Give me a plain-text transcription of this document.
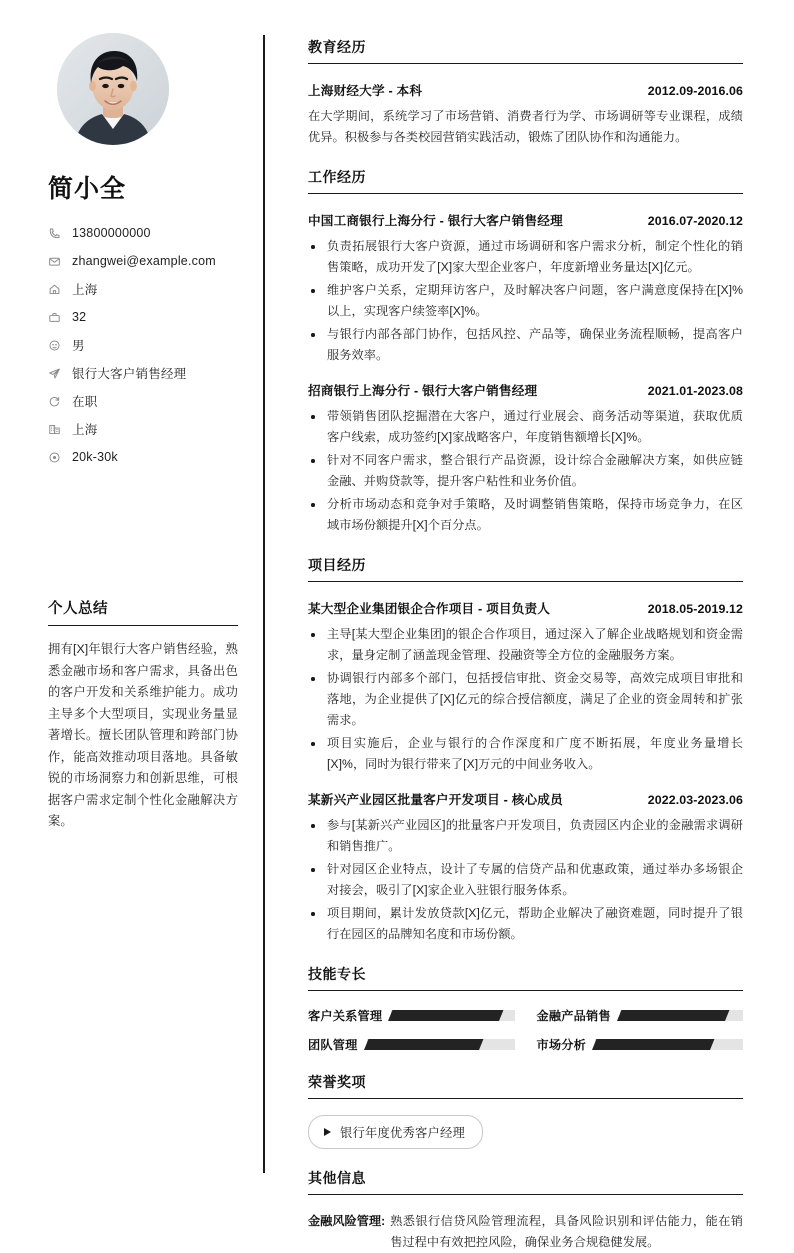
简小全
13800000000
zhangwei@example.com
上海
32
男
银行大客户销售经理
在职
上海
20k-30k
个人总结

拥有[X]年银行大客户销售经验，熟悉金融市场和客户需求，具备出色的客户开发和关系维护能力。成功主导多个大型项目，实现业务量显著增长。擅长团队管理和跨部门协作，能高效推动项目落地。具备敏锐的市场洞察力和创新思维，可根据客户需求定制个性化金融解决方案。

教育经历
上海财经大学 - 本科	2012.09-2016.06

在大学期间，系统学习了市场营销、消费者行为学、市场调研等专业课程，成绩优异。积极参与各类校园营销实践活动，锻炼了团队协作和沟通能力。

工作经历
中国工商银行上海分行 - 银行大客户销售经理	2016.07-2020.12
负责拓展银行大客户资源，通过市场调研和客户需求分析，制定个性化的销售策略，成功开发了[X]家大型企业客户，年度新增业务量达[X]亿元。
维护客户关系，定期拜访客户，及时解决客户问题，客户满意度保持在[X]%以上，实现客户续签率[X]%。
与银行内部各部门协作，包括风控、产品等，确保业务流程顺畅，提高客户服务效率。
招商银行上海分行 - 银行大客户销售经理	2021.01-2023.08
带领销售团队挖掘潜在大客户，通过行业展会、商务活动等渠道，获取优质客户线索，成功签约[X]家战略客户，年度销售额增长[X]%。
针对不同客户需求，整合银行产品资源，设计综合金融解决方案，如供应链金融、并购贷款等，提升客户粘性和业务价值。
分析市场动态和竞争对手策略，及时调整销售策略，保持市场竞争力，在区域市场份额提升[X]个百分点。
项目经历
某大型企业集团银企合作项目 - 项目负责人	2018.05-2019.12
主导[某大型企业集团]的银企合作项目，通过深入了解企业战略规划和资金需求，量身定制了涵盖现金管理、投融资等全方位的金融服务方案。
协调银行内部多个部门，包括授信审批、资金交易等，高效完成项目审批和落地，为企业提供了[X]亿元的综合授信额度，满足了企业的资金周转和扩张需求。
项目实施后，企业与银行的合作深度和广度不断拓展，年度业务量增长[X]%，同时为银行带来了[X]万元的中间业务收入。
某新兴产业园区批量客户开发项目 - 核心成员	2022.03-2023.06
参与[某新兴产业园区]的批量客户开发项目，负责园区内企业的金融需求调研和销售推广。
针对园区企业特点，设计了专属的信贷产品和优惠政策，通过举办多场银企对接会，吸引了[X]家企业入驻银行服务体系。
项目期间，累计发放贷款[X]亿元，帮助企业解决了融资难题，同时提升了银行在园区的品牌知名度和市场份额。
技能专长
客户关系管理	金融产品销售
团队管理	市场分析
荣誉奖项
银行年度优秀客户经理
其他信息
金融风险管理: 熟悉银行信贷风险管理流程，具备风险识别和评估能力，能在销售过程中有效把控风险，确保业务合规稳健发展。
